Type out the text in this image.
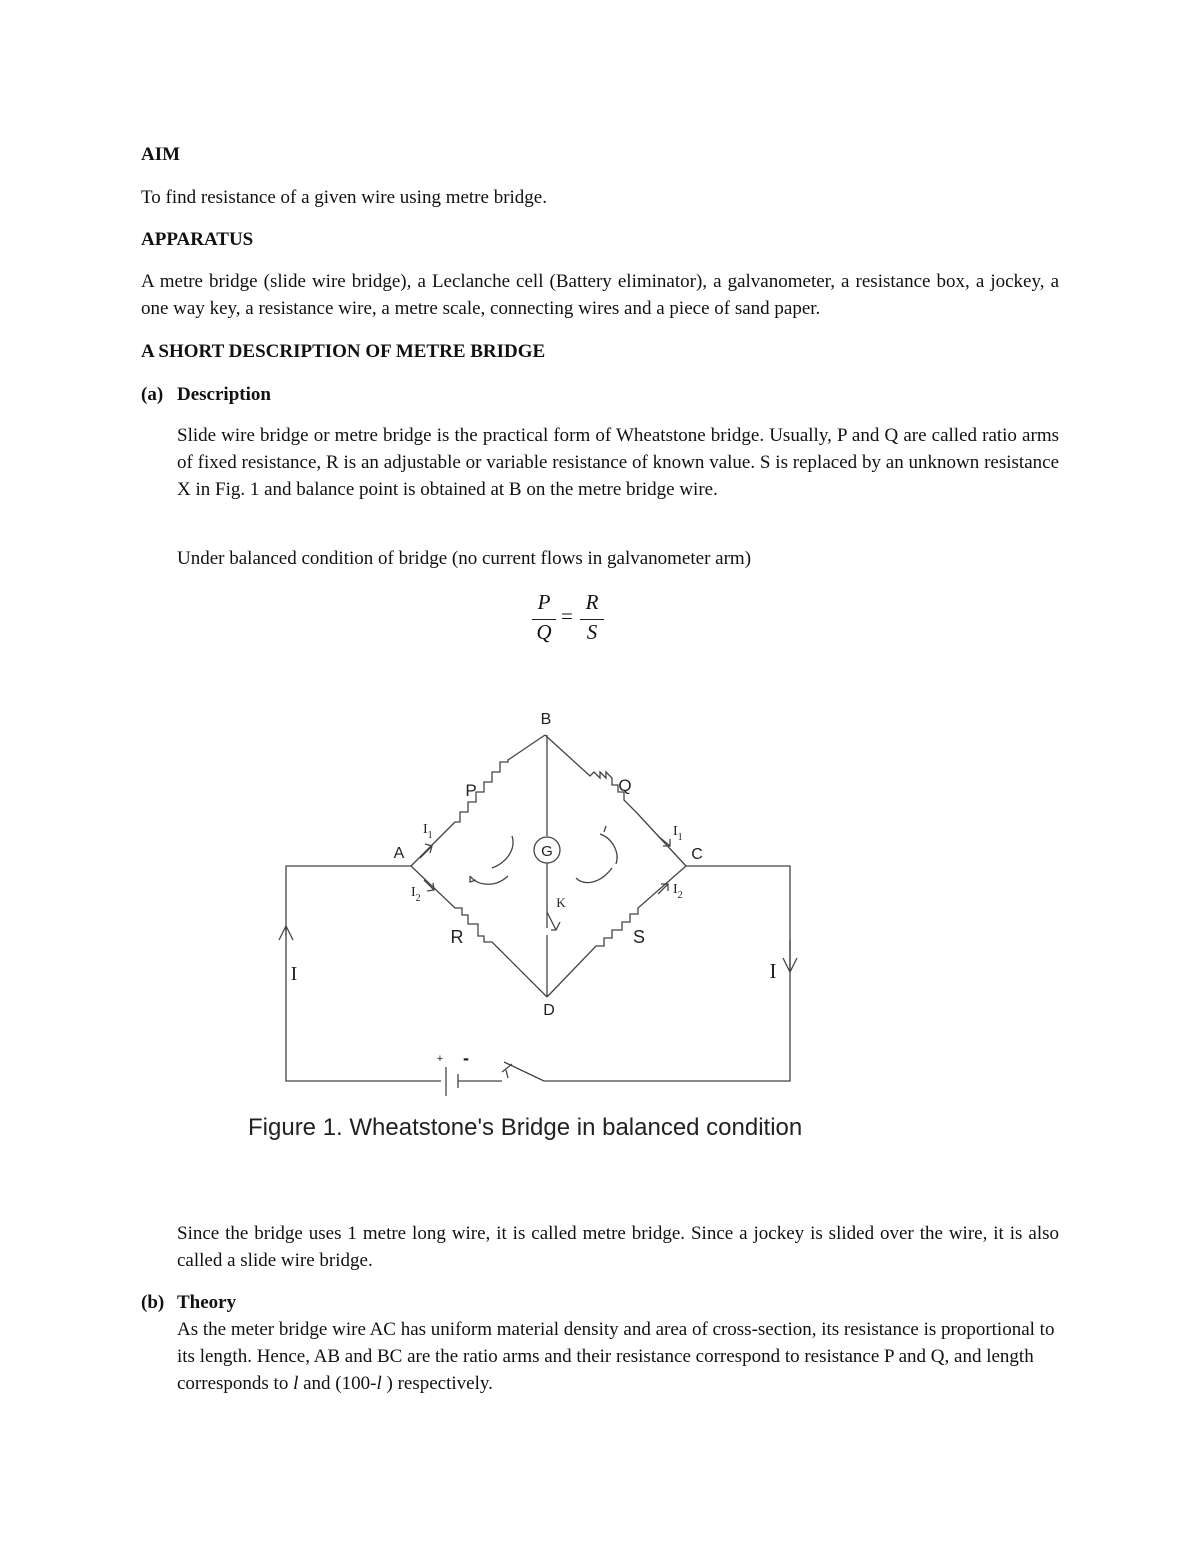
AIM

To find resistance of a given wire using metre bridge.

APPARATUS

A metre bridge (slide wire bridge), a Leclanche cell (Battery eliminator), a galvanometer, a resistance box, a jockey, a one way key, a resistance wire, a metre scale, connecting wires and a piece of sand paper.

A SHORT DESCRIPTION OF METRE BRIDGE

(a) Description

Slide wire bridge or metre bridge is the practical form of Wheatstone bridge. Usually, P and Q are called ratio arms of fixed resistance, R is an adjustable or variable resistance of known value. S is replaced by an unknown resistance X in Fig. 1 and balance point is obtained at B on the metre bridge wire.

Under balanced condition of bridge (no current flows in galvanometer arm)

P
Q
=
R
S
B
A	C
D
P	Q
R	S
G
K
$I_1$
$I_2$
$I_1$
$I_2$
I	I
+ -
Figure 1. Wheatstone's Bridge in balanced condition

Since the bridge uses 1 metre long wire, it is called metre bridge. Since a jockey is slided over the wire, it is also called a slide wire bridge.

(b) Theory

As the meter bridge wire AC has uniform material density and area of cross-section, its resistance is proportional to its length. Hence, AB and BC are the ratio arms and their resistance correspond to resistance P and Q, and length corresponds to l and (100-l ) respectively.
